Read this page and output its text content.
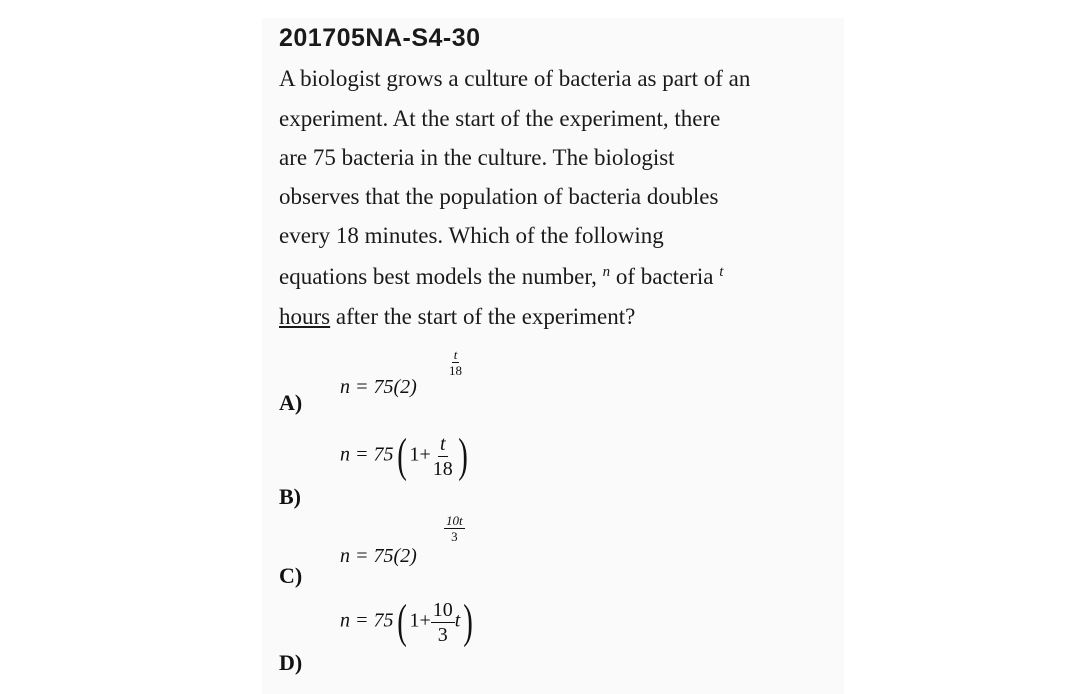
201705NA-S4-30
A biologist grows a culture of bacteria as part of an
experiment. At the start of the experiment, there
are 75 bacteria in the culture. The biologist
observes that the population of bacteria doubles
every 18 minutes. Which of the following
equations best models the number, $^n$ of bacteria $^t$
hours after the start of the experiment?
A)
n = 75(2)
$\frac{t}{18}$
B)
n = 75( $1+ \frac{t}{18}$ )
C)
n = 75(2)
$\frac{10t}{3}$
D)
n = 75( $1+ \frac{10}{3} t$)
